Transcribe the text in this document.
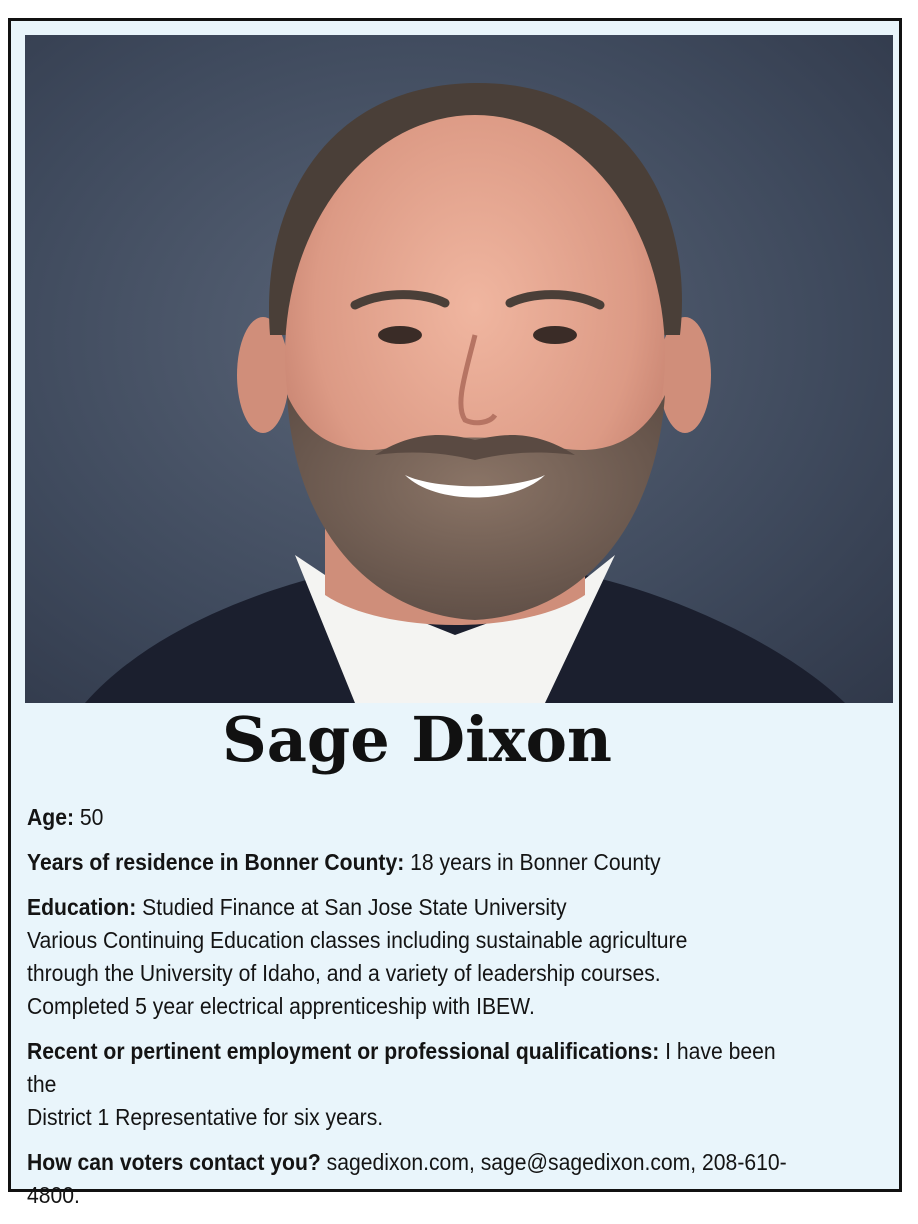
Sage Dixon
Age: 50
Years of residence in Bonner County: 18 years in Bonner County

Education: Studied Finance at San Jose State University

Various Continuing Education classes including sustainable agriculture

through the University of Idaho, and a variety of leadership courses.

Completed 5 year electrical apprenticeship with IBEW.

Recent or pertinent employment or professional qualifications: I have been the

District 1 Representative for six years.

How can voters contact you? sagedixon.com, sage@sagedixon.com, 208-610-4800.
